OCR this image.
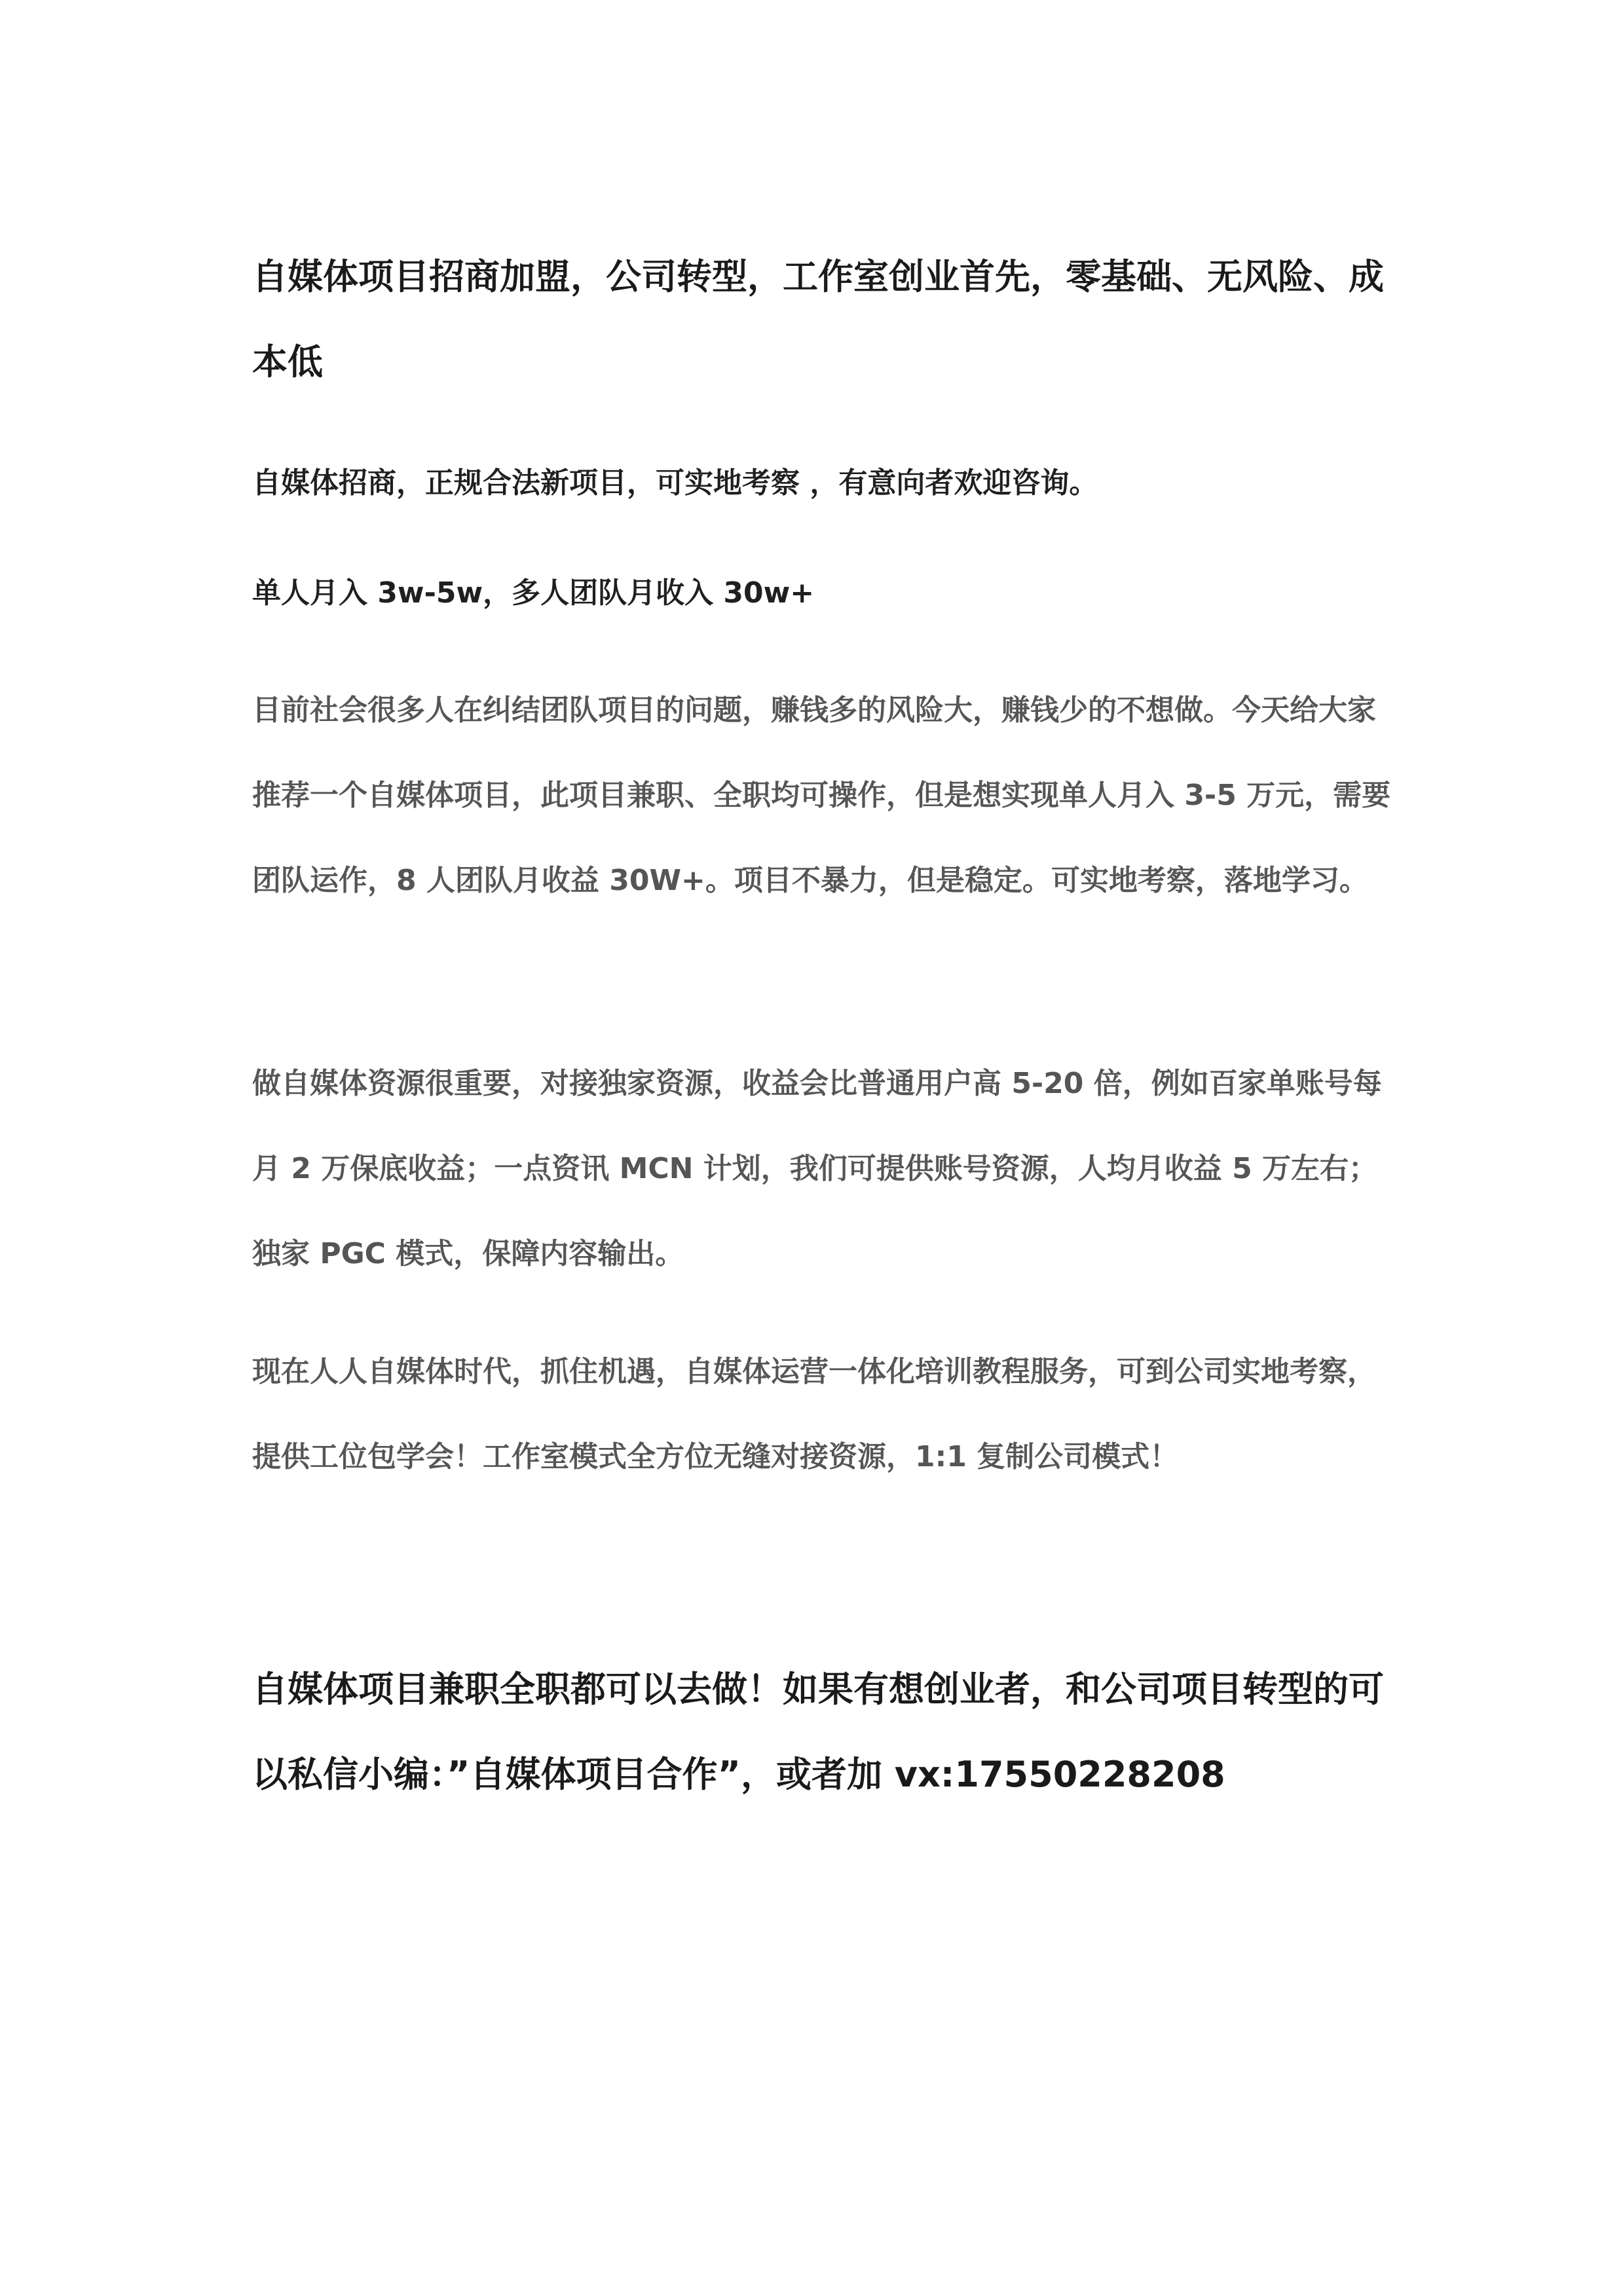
自媒体项目招商加盟，公司转型，工作室创业首先，零基础、无风险、成本低

自媒体招商，正规合法新项目，可实地考察 ，有意向者欢迎咨询。

单人月入 3w-5w，多人团队月收入 30w+

目前社会很多人在纠结团队项目的问题，赚钱多的风险大，赚钱少的不想做。今天给大家推荐一个自媒体项目，此项目兼职、全职均可操作，但是想实现单人月入 3-5 万元，需要团队运作，8 人团队月收益 30W+。项目不暴力，但是稳定。可实地考察，落地学习。

做自媒体资源很重要，对接独家资源，收益会比普通用户高 5-20 倍，例如百家单账号每月 2 万保底收益；一点资讯 MCN 计划，我们可提供账号资源，人均月收益 5 万左右；独家 PGC 模式，保障内容输出。

现在人人自媒体时代，抓住机遇，自媒体运营一体化培训教程服务，可到公司实地考察，提供工位包学会！工作室模式全方位无缝对接资源，1:1 复制公司模式！

自媒体项目兼职全职都可以去做！如果有想创业者，和公司项目转型的可以私信小编：”自媒体项目合作”，或者加 vx:17550228208
